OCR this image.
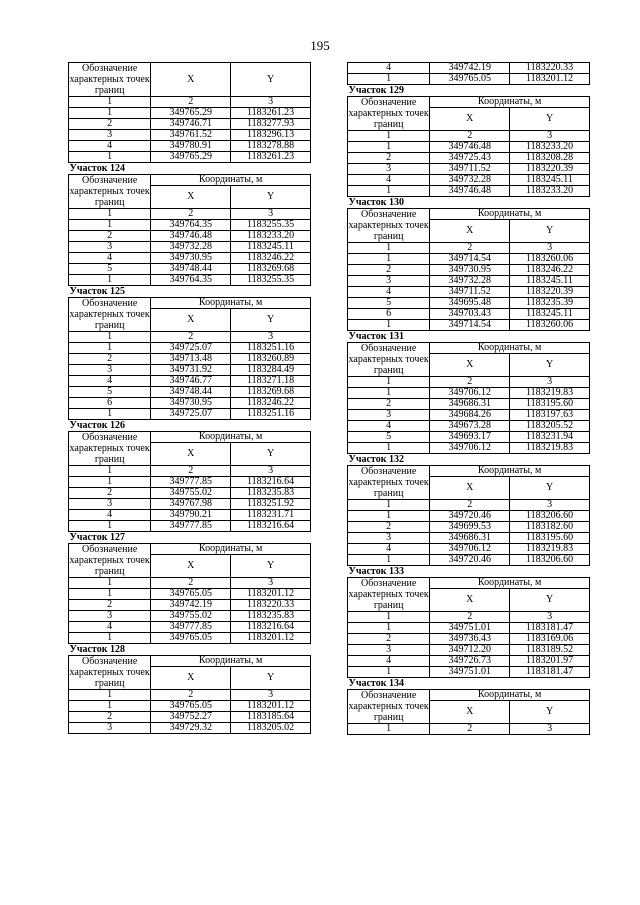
195
Обозначение характерных точек границ	X	Y
1	2	3
1	349765.29	1183261.23
2	349746.71	1183277.93
3	349761.52	1183296.13
4	349780.91	1183278.88
1	349765.29	1183261.23
Участок 124		
Обозначение характерных точек границ	Координаты, м	
	X	Y
1	2	3
1	349764.35	1183255.35
2	349746.48	1183233.20
3	349732.28	1183245.11
4	349730.95	1183246.22
5	349748.44	1183269.68
1	349764.35	1183255.35
Участок 125		
Обозначение характерных точек границ	Координаты, м	
	X	Y
1	2	3
1	349725.07	1183251.16
2	349713.48	1183260.89
3	349731.92	1183284.49
4	349746.77	1183271.18
5	349748.44	1183269.68
6	349730.95	1183246.22
1	349725.07	1183251.16
Участок 126		
Обозначение характерных точек границ	Координаты, м	
	X	Y
1	2	3
1	349777.85	1183216.64
2	349755.02	1183235.83
3	349767.98	1183251.92
4	349790.21	1183231.71
1	349777.85	1183216.64
Участок 127		
Обозначение характерных точек границ	Координаты, м	
	X	Y
1	2	3
1	349765.05	1183201.12
2	349742.19	1183220.33
3	349755.02	1183235.83
4	349777.85	1183216.64
1	349765.05	1183201.12
Участок 128		
Обозначение характерных точек границ	Координаты, м	
	X	Y
1	2	3
1	349765.05	1183201.12
2	349752.27	1183185.64
3	349729.32	1183205.02
4	349742.19	1183220.33
1	349765.05	1183201.12
Участок 129		
Обозначение характерных точек границ	Координаты, м	
	X	Y
1	2	3
1	349746.48	1183233.20
2	349725.43	1183208.28
3	349711.52	1183220.39
4	349732.28	1183245.11
1	349746.48	1183233.20
Участок 130		
Обозначение характерных точек границ	Координаты, м	
	X	Y
1	2	3
1	349714.54	1183260.06
2	349730.95	1183246.22
3	349732.28	1183245.11
4	349711.52	1183220.39
5	349695.48	1183235.39
6	349703.43	1183245.11
1	349714.54	1183260.06
Участок 131		
Обозначение характерных точек границ	Координаты, м	
	X	Y
1	2	3
1	349706.12	1183219.83
2	349686.31	1183195.60
3	349684.26	1183197.63
4	349673.28	1183205.52
5	349693.17	1183231.94
1	349706.12	1183219.83
Участок 132		
Обозначение характерных точек границ	Координаты, м	
	X	Y
1	2	3
1	349720.46	1183206.60
2	349699.53	1183182.60
3	349686.31	1183195.60
4	349706.12	1183219.83
1	349720.46	1183206.60
Участок 133		
Обозначение характерных точек границ	Координаты, м	
	X	Y
1	2	3
1	349751.01	1183181.47
2	349736.43	1183169.06
3	349712.20	1183189.52
4	349726.73	1183201.97
1	349751.01	1183181.47
Участок 134		
Обозначение характерных точек границ	Координаты, м	
	X	Y
1	2	3
